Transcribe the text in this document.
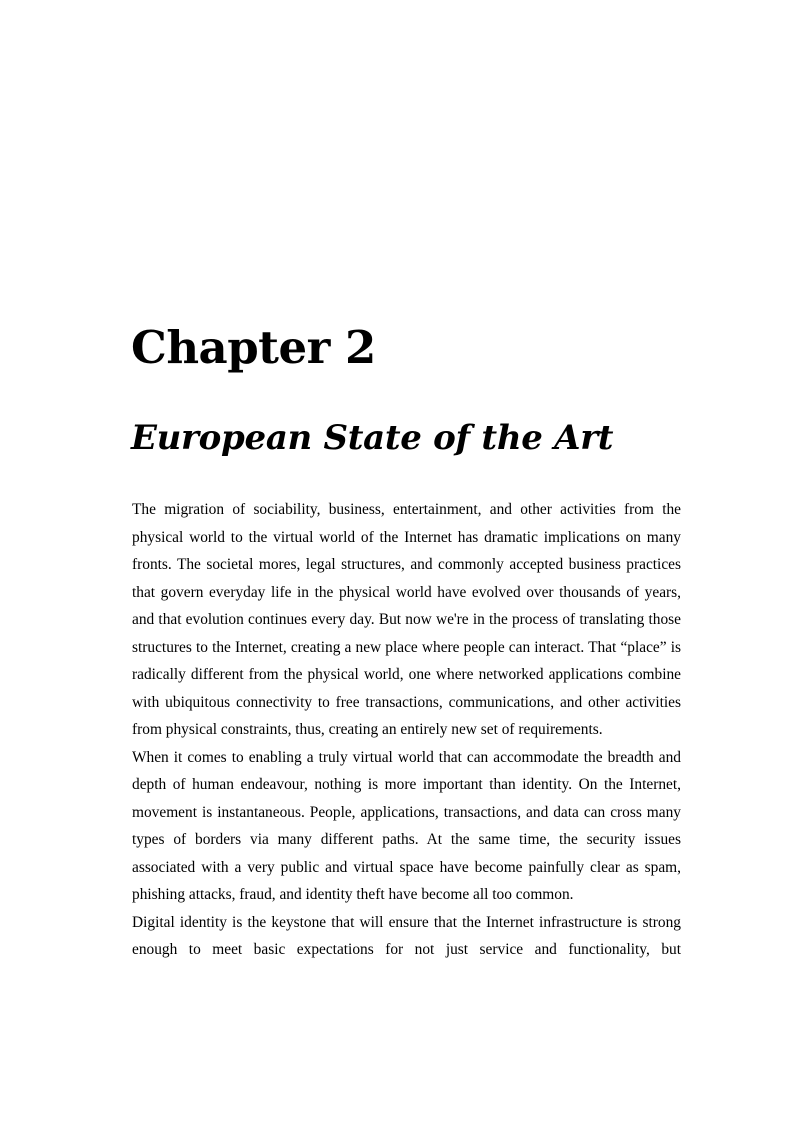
Chapter 2
European State of the Art

The migration of sociability, business, entertainment, and other activities from the physical world to the virtual world of the Internet has dramatic implications on many fronts. The societal mores, legal structures, and commonly accepted business practices that govern everyday life in the physical world have evolved over thousands of years, and that evolution continues every day. But now we're in the process of translating those structures to the Internet, creating a new place where people can interact. That “place” is radically different from the physical world, one where networked applications combine with ubiquitous connectivity to free transactions, communications, and other activities from physical constraints, thus, creating an entirely new set of requirements.

When it comes to enabling a truly virtual world that can accommodate the breadth and depth of human endeavour, nothing is more important than identity. On the Internet, movement is instantaneous. People, applications, transactions, and data can cross many types of borders via many different paths. At the same time, the security issues associated with a very public and virtual space have become painfully clear as spam, phishing attacks, fraud, and identity theft have become all too common.

Digital identity is the keystone that will ensure that the Internet infrastructure is strong enough to meet basic expectations for not just service and functionality, but
